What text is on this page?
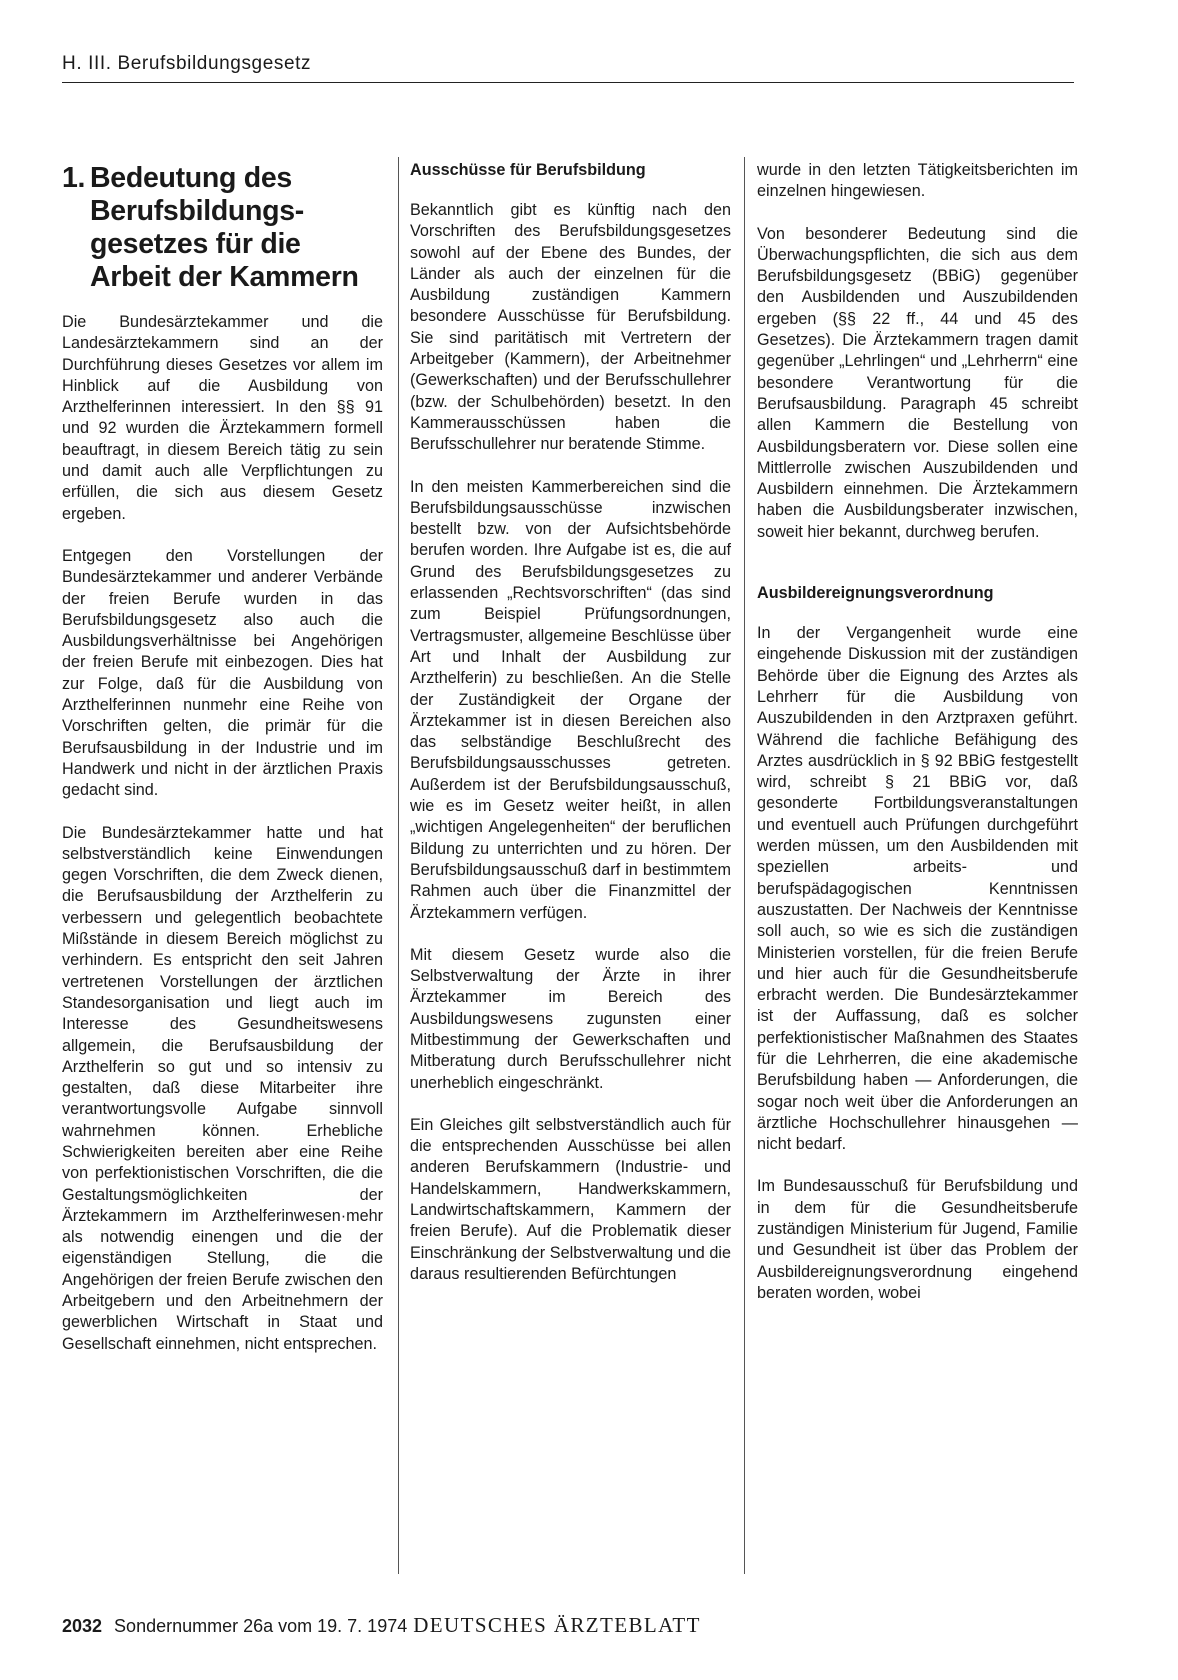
H. III. Berufsbildungsgesetz
1. Bedeutung des Berufsbildungs-gesetzes für die Arbeit der Kammern

Die Bundesärztekammer und die Landesärztekammern sind an der Durchführung dieses Gesetzes vor allem im Hinblick auf die Ausbildung von Arzthelferinnen interessiert. In den §§ 91 und 92 wurden die Ärztekammern formell beauftragt, in diesem Bereich tätig zu sein und damit auch alle Verpflichtungen zu erfüllen, die sich aus diesem Gesetz ergeben.

Entgegen den Vorstellungen der Bundesärztekammer und anderer Verbände der freien Berufe wurden in das Berufsbildungsgesetz also auch die Ausbildungsverhältnisse bei Angehörigen der freien Berufe mit einbezogen. Dies hat zur Folge, daß für die Ausbildung von Arzthelferinnen nunmehr eine Reihe von Vorschriften gelten, die primär für die Berufsausbildung in der Industrie und im Handwerk und nicht in der ärztlichen Praxis gedacht sind.

Die Bundesärztekammer hatte und hat selbstverständlich keine Einwendungen gegen Vorschriften, die dem Zweck dienen, die Berufsausbildung der Arzthelferin zu verbessern und gelegentlich beobachtete Mißstände in diesem Bereich möglichst zu verhindern. Es entspricht den seit Jahren vertretenen Vorstellungen der ärztlichen Standesorganisation und liegt auch im Interesse des Gesundheitswesens allgemein, die Berufsausbildung der Arzthelferin so gut und so intensiv zu gestalten, daß diese Mitarbeiter ihre verantwortungsvolle Aufgabe sinnvoll wahrnehmen können. Erhebliche Schwierigkeiten bereiten aber eine Reihe von perfektionistischen Vorschriften, die die Gestaltungsmöglichkeiten der Ärztekammern im Arzthelferinwesen·mehr als notwendig einengen und die der eigenständigen Stellung, die die Angehörigen der freien Berufe zwischen den Arbeitgebern und den Arbeitnehmern der gewerblichen Wirtschaft in Staat und Gesellschaft einnehmen, nicht entsprechen.

Ausschüsse für Berufsbildung

Bekanntlich gibt es künftig nach den Vorschriften des Berufsbildungsgesetzes sowohl auf der Ebene des Bundes, der Länder als auch der einzelnen für die Ausbildung zuständigen Kammern besondere Ausschüsse für Berufsbildung. Sie sind paritätisch mit Vertretern der Arbeitgeber (Kammern), der Arbeitnehmer (Gewerkschaften) und der Berufsschullehrer (bzw. der Schulbehörden) besetzt. In den Kammerausschüssen haben die Berufsschullehrer nur beratende Stimme.

In den meisten Kammerbereichen sind die Berufsbildungsausschüsse inzwischen bestellt bzw. von der Aufsichtsbehörde berufen worden. Ihre Aufgabe ist es, die auf Grund des Berufsbildungsgesetzes zu erlassenden „Rechtsvorschriften“ (das sind zum Beispiel Prüfungsordnungen, Vertragsmuster, allgemeine Beschlüsse über Art und Inhalt der Ausbildung zur Arzthelferin) zu beschließen. An die Stelle der Zuständigkeit der Organe der Ärztekammer ist in diesen Bereichen also das selbständige Beschlußrecht des Berufsbildungsausschusses getreten. Außerdem ist der Berufsbildungsausschuß, wie es im Gesetz weiter heißt, in allen „wichtigen Angelegenheiten“ der beruflichen Bildung zu unterrichten und zu hören. Der Berufsbildungsausschuß darf in bestimmtem Rahmen auch über die Finanzmittel der Ärztekammern verfügen.

Mit diesem Gesetz wurde also die Selbstverwaltung der Ärzte in ihrer Ärztekammer im Bereich des Ausbildungswesens zugunsten einer Mitbestimmung der Gewerkschaften und Mitberatung durch Berufsschullehrer nicht unerheblich eingeschränkt.

Ein Gleiches gilt selbstverständlich auch für die entsprechenden Ausschüsse bei allen anderen Berufskammern (Industrie- und Handelskammern, Handwerkskammern, Landwirtschaftskammern, Kammern der freien Berufe). Auf die Problematik dieser Einschränkung der Selbstverwaltung und die daraus resultierenden Befürchtungen

wurde in den letzten Tätigkeitsberichten im einzelnen hingewiesen.

Von besonderer Bedeutung sind die Überwachungspflichten, die sich aus dem Berufsbildungsgesetz (BBiG) gegenüber den Ausbildenden und Auszubildenden ergeben (§§ 22 ff., 44 und 45 des Gesetzes). Die Ärztekammern tragen damit gegenüber „Lehrlingen“ und „Lehrherrn“ eine besondere Verantwortung für die Berufsausbildung. Paragraph 45 schreibt allen Kammern die Bestellung von Ausbildungsberatern vor. Diese sollen eine Mittlerrolle zwischen Auszubildenden und Ausbildern einnehmen. Die Ärztekammern haben die Ausbildungsberater inzwischen, soweit hier bekannt, durchweg berufen.

Ausbildereignungsverordnung

In der Vergangenheit wurde eine eingehende Diskussion mit der zuständigen Behörde über die Eignung des Arztes als Lehrherr für die Ausbildung von Auszubildenden in den Arztpraxen geführt. Während die fachliche Befähigung des Arztes ausdrücklich in § 92 BBiG festgestellt wird, schreibt § 21 BBiG vor, daß gesonderte Fortbildungsveranstaltungen und eventuell auch Prüfungen durchgeführt werden müssen, um den Ausbildenden mit speziellen arbeits- und berufspädagogischen Kenntnissen auszustatten. Der Nachweis der Kenntnisse soll auch, so wie es sich die zuständigen Ministerien vorstellen, für die freien Berufe und hier auch für die Gesundheitsberufe erbracht werden. Die Bundesärztekammer ist der Auffassung, daß es solcher perfektionistischer Maßnahmen des Staates für die Lehrherren, die eine akademische Berufsbildung haben — Anforderungen, die sogar noch weit über die Anforderungen an ärztliche Hochschullehrer hinausgehen — nicht bedarf.

Im Bundesausschuß für Berufsbildung und in dem für die Gesundheitsberufe zuständigen Ministerium für Jugend, Familie und Gesundheit ist über das Problem der Ausbildereignungsverordnung eingehend beraten worden, wobei

2032 Sondernummer 26a vom 19. 7. 1974 DEUTSCHES ÄRZTEBLATT
